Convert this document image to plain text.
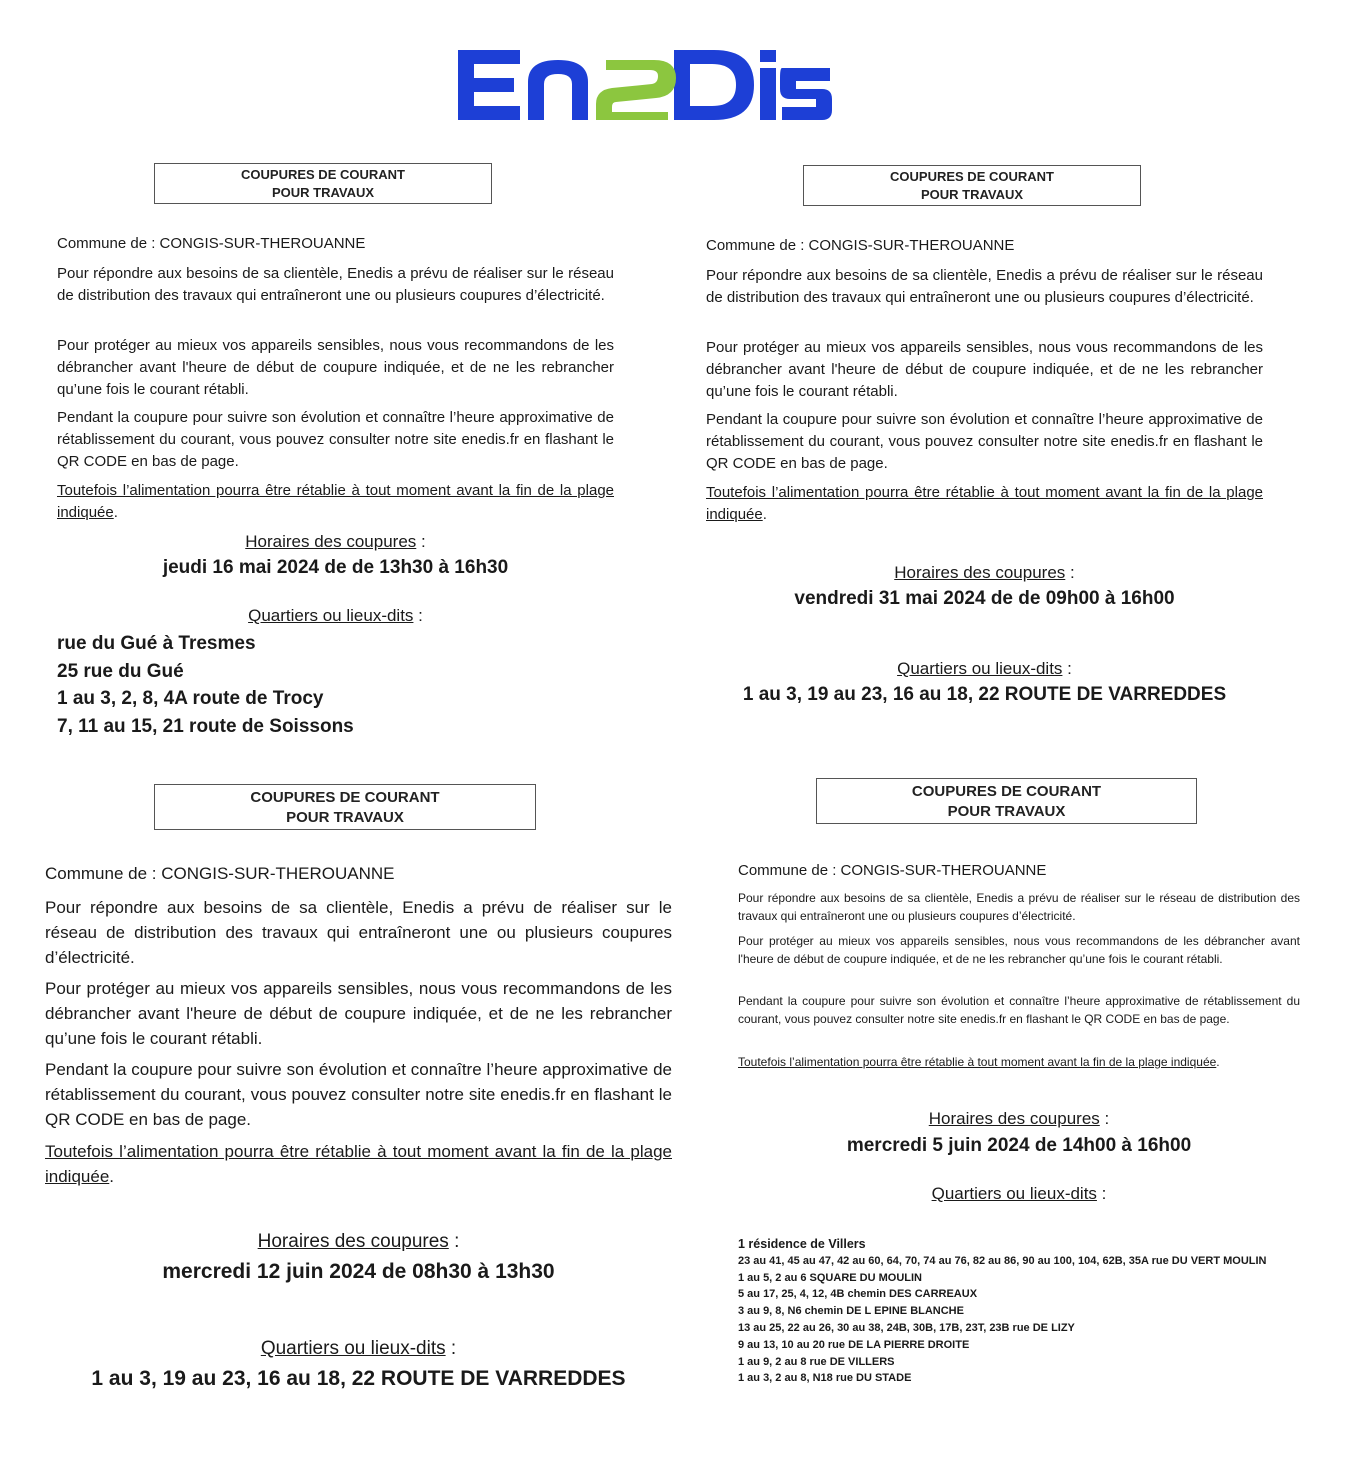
COUPURES DE COURANT
POUR TRAVAUX
Commune de : CONGIS-SUR-THEROUANNE

Pour répondre aux besoins de sa clientèle, Enedis a prévu de réaliser sur le réseau de distribution des travaux qui entraîneront une ou plusieurs coupures d’électricité.

Pour protéger au mieux vos appareils sensibles, nous vous recommandons de les débrancher avant l'heure de début de coupure indiquée, et de ne les rebrancher qu’une fois le courant rétabli.

Pendant la coupure pour suivre son évolution et connaître l’heure approximative de rétablissement du courant, vous pouvez consulter notre site enedis.fr en flashant le QR CODE en bas de page.

Toutefois l’alimentation pourra être rétablie à tout moment avant la fin de la plage indiquée.

Horaires des coupures :
jeudi 16 mai 2024 de de 13h30 à 16h30
Quartiers ou lieux-dits :
rue du Gué à Tresmes
25 rue du Gué
1 au 3, 2, 8, 4A route de Trocy
7, 11 au 15, 21 route de Soissons
COUPURES DE COURANT
POUR TRAVAUX
Commune de : CONGIS-SUR-THEROUANNE

Pour répondre aux besoins de sa clientèle, Enedis a prévu de réaliser sur le réseau de distribution des travaux qui entraîneront une ou plusieurs coupures d’électricité.

Pour protéger au mieux vos appareils sensibles, nous vous recommandons de les débrancher avant l'heure de début de coupure indiquée, et de ne les rebrancher qu’une fois le courant rétabli.

Pendant la coupure pour suivre son évolution et connaître l’heure approximative de rétablissement du courant, vous pouvez consulter notre site enedis.fr en flashant le QR CODE en bas de page.

Toutefois l’alimentation pourra être rétablie à tout moment avant la fin de la plage indiquée.

Horaires des coupures :
vendredi 31 mai 2024 de de 09h00 à 16h00
Quartiers ou lieux-dits :
1 au 3, 19 au 23, 16 au 18, 22 ROUTE DE VARREDDES
COUPURES DE COURANT
POUR TRAVAUX
Commune de : CONGIS-SUR-THEROUANNE

Pour répondre aux besoins de sa clientèle, Enedis a prévu de réaliser sur le réseau de distribution des travaux qui entraîneront une ou plusieurs coupures d’électricité.

Pour protéger au mieux vos appareils sensibles, nous vous recommandons de les débrancher avant l'heure de début de coupure indiquée, et de ne les rebrancher qu’une fois le courant rétabli.

Pendant la coupure pour suivre son évolution et connaître l’heure approximative de rétablissement du courant, vous pouvez consulter notre site enedis.fr en flashant le QR CODE en bas de page.

Toutefois l’alimentation pourra être rétablie à tout moment avant la fin de la plage indiquée.

Horaires des coupures :
mercredi 12 juin 2024 de 08h30 à 13h30
Quartiers ou lieux-dits :
1 au 3, 19 au 23, 16 au 18, 22 ROUTE DE VARREDDES
COUPURES DE COURANT
POUR TRAVAUX
Commune de : CONGIS-SUR-THEROUANNE

Pour répondre aux besoins de sa clientèle, Enedis a prévu de réaliser sur le réseau de distribution des travaux qui entraîneront une ou plusieurs coupures d’électricité.

Pour protéger au mieux vos appareils sensibles, nous vous recommandons de les débrancher avant l'heure de début de coupure indiquée, et de ne les rebrancher qu’une fois le courant rétabli.

Pendant la coupure pour suivre son évolution et connaître l’heure approximative de rétablissement du courant, vous pouvez consulter notre site enedis.fr en flashant le QR CODE en bas de page.

Toutefois l’alimentation pourra être rétablie à tout moment avant la fin de la plage indiquée.

Horaires des coupures :
mercredi 5 juin 2024 de 14h00 à 16h00
Quartiers ou lieux-dits :
1 résidence de Villers
23 au 41, 45 au 47, 42 au 60, 64, 70, 74 au 76, 82 au 86, 90 au 100, 104, 62B, 35A rue DU VERT MOULIN
1 au 5, 2 au 6 SQUARE DU MOULIN
5 au 17, 25, 4, 12, 4B chemin DES CARREAUX
3 au 9, 8, N6 chemin DE L EPINE BLANCHE
13 au 25, 22 au 26, 30 au 38, 24B, 30B, 17B, 23T, 23B rue DE LIZY
9 au 13, 10 au 20 rue DE LA PIERRE DROITE
1 au 9, 2 au 8 rue DE VILLERS
1 au 3, 2 au 8, N18 rue DU STADE
